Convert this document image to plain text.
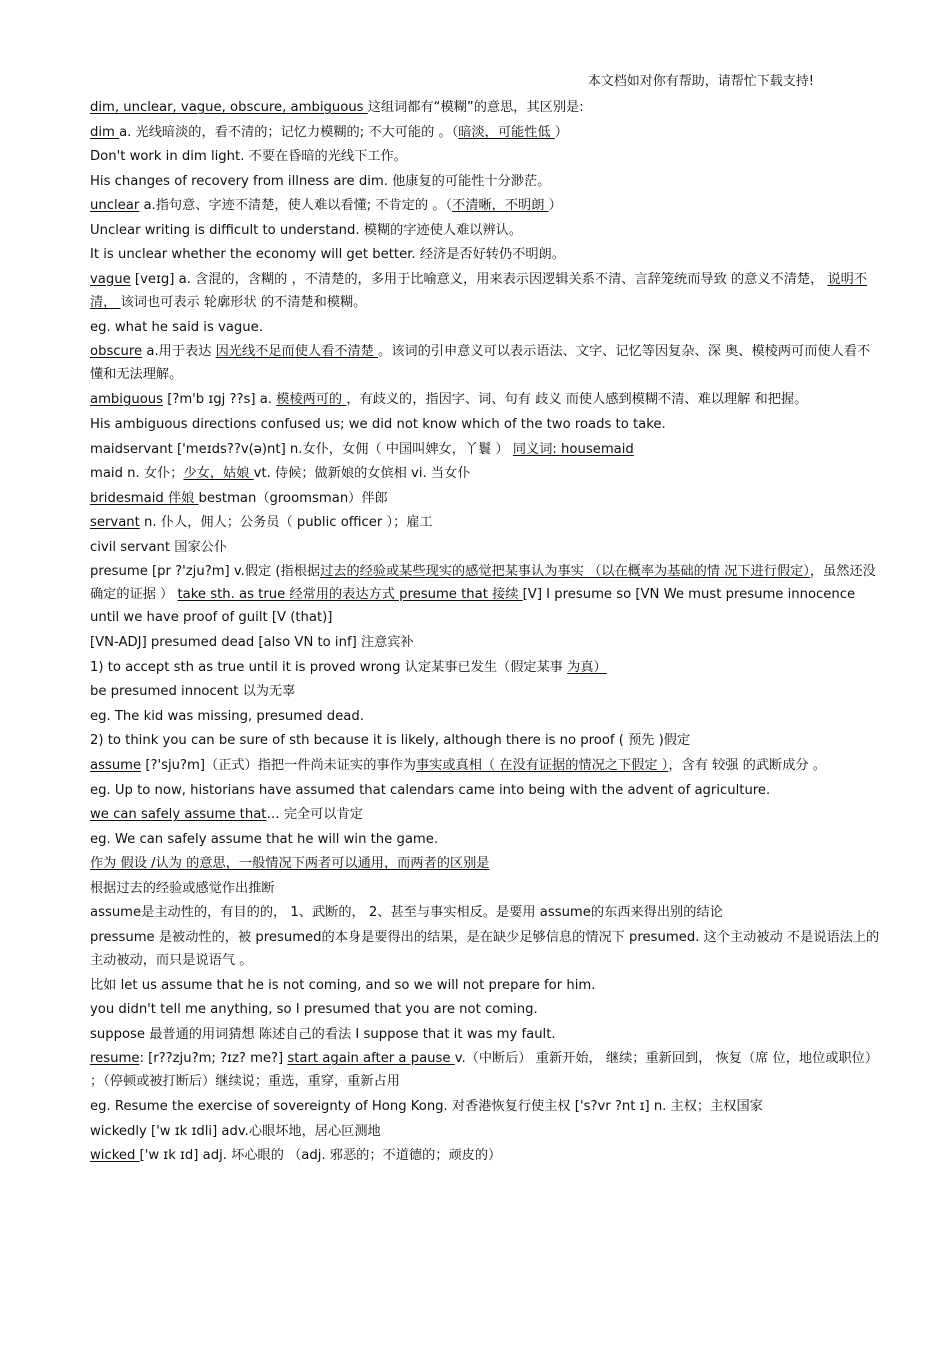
本文档如对你有帮助，请帮忙下载支持!
dim, unclear, vague, obscure, ambiguous 这组词都有“模糊”的意思，其区别是:
dim a. 光线暗淡的，看不清的；记忆力模糊的; 不大可能的 。（暗淡，可能性低 ）
Don't work in dim light. 不要在昏暗的光线下工作。
His changes of recovery from illness are dim. 他康复的可能性十分渺茫。
unclear a.指句意、字迹不清楚，使人难以看懂; 不肯定的 。（不清晰，不明朗 ）
Unclear writing is difficult to understand. 模糊的字迹使人难以辨认。
It is unclear whether the economy will get better. 经济是否好转仍不明朗。
vague [veɪg] a. 含混的，含糊的 ，不清楚的，多用于比喻意义，用来表示因逻辑关系不清、言辞笼统而导致 的意义不清楚， 说明不清， 该词也可表示 轮廓形状 的不清楚和模糊。
eg. what he said is vague.
obscure a.用于表达 因光线不足而使人看不清楚 。该词的引申意义可以表示语法、文字、记忆等因复杂、深 奥、模棱两可而使人看不懂和无法理解。
ambiguous [?m'b ɪgj ??s] a. 模棱两可的 ，有歧义的，指因字、词、句有 歧义 而使人感到模糊不清、难以理解 和把握。
His ambiguous directions confused us; we did not know which of the two roads to take.
maidservant ['meɪds??v(ə)nt] n.女仆，女佣（ 中国叫婢女，丫鬟 ） 同义词: housemaid
maid n. 女仆；少女，姑娘 vt. 侍候；做新娘的女傧相 vi. 当女仆
bridesmaid 伴娘 bestman（groomsman）伴郎
servant n. 仆人，佣人；公务员（ public officer ）；雇工
civil servant 国家公仆
presume [pr ?'zju?m] v.假定 (指根据过去的经验或某些现实的感觉把某事认为事实 （以在概率为基础的情 况下进行假定），虽然还没确定的证据 ） take sth. as true 经常用的表达方式 presume that 接续 [V] I presume so [VN We must presume innocence until we have proof of guilt [V (that)]
[VN-ADJ] presumed dead [also VN to inf] 注意宾补
1) to accept sth as true until it is proved wrong 认定某事已发生（假定某事 为真）
be presumed innocent 以为无辜
eg. The kid was missing, presumed dead.
2) to think you can be sure of sth because it is likely, although there is no proof ( 预先 )假定
assume [?'sju?m]（正式）指把一件尚未证实的事作为事实或真相（ 在没有证据的情况之下假定 ），含有 较强 的武断成分 。
eg. Up to now, historians have assumed that calendars came into being with the advent of agriculture.
we can safely assume that… 完全可以肯定
eg. We can safely assume that he will win the game.
作为 假设 /认为 的意思，一般情况下两者可以通用，而两者的区别是
根据过去的经验或感觉作出推断
assume是主动性的，有目的的， 1、武断的， 2、甚至与事实相反。是要用 assume的东西来得出别的结论
pressume 是被动性的，被 presumed的本身是要得出的结果，是在缺少足够信息的情况下 presumed. 这个主动被动 不是说语法上的主动被动，而只是说语气 。
比如 let us assume that he is not coming, and so we will not prepare for him.
you didn't tell me anything, so I presumed that you are not coming.
suppose 最普通的用词猜想 陈述自己的看法 I suppose that it was my fault.
resume: [r??zju?m; ?ɪz? me?] start again after a pause v.（中断后） 重新开始， 继续；重新回到， 恢复（席 位，地位或职位） ；（停顿或被打断后）继续说；重选，重穿，重新占用
eg. Resume the exercise of sovereignty of Hong Kong. 对香港恢复行使主权 ['s?vr ?nt ɪ] n. 主权；主权国家
wickedly ['w ɪk ɪdli] adv.心眼坏地，居心叵测地
wicked ['w ɪk ɪd] adj. 坏心眼的 （adj. 邪恶的；不道德的；顽皮的）
